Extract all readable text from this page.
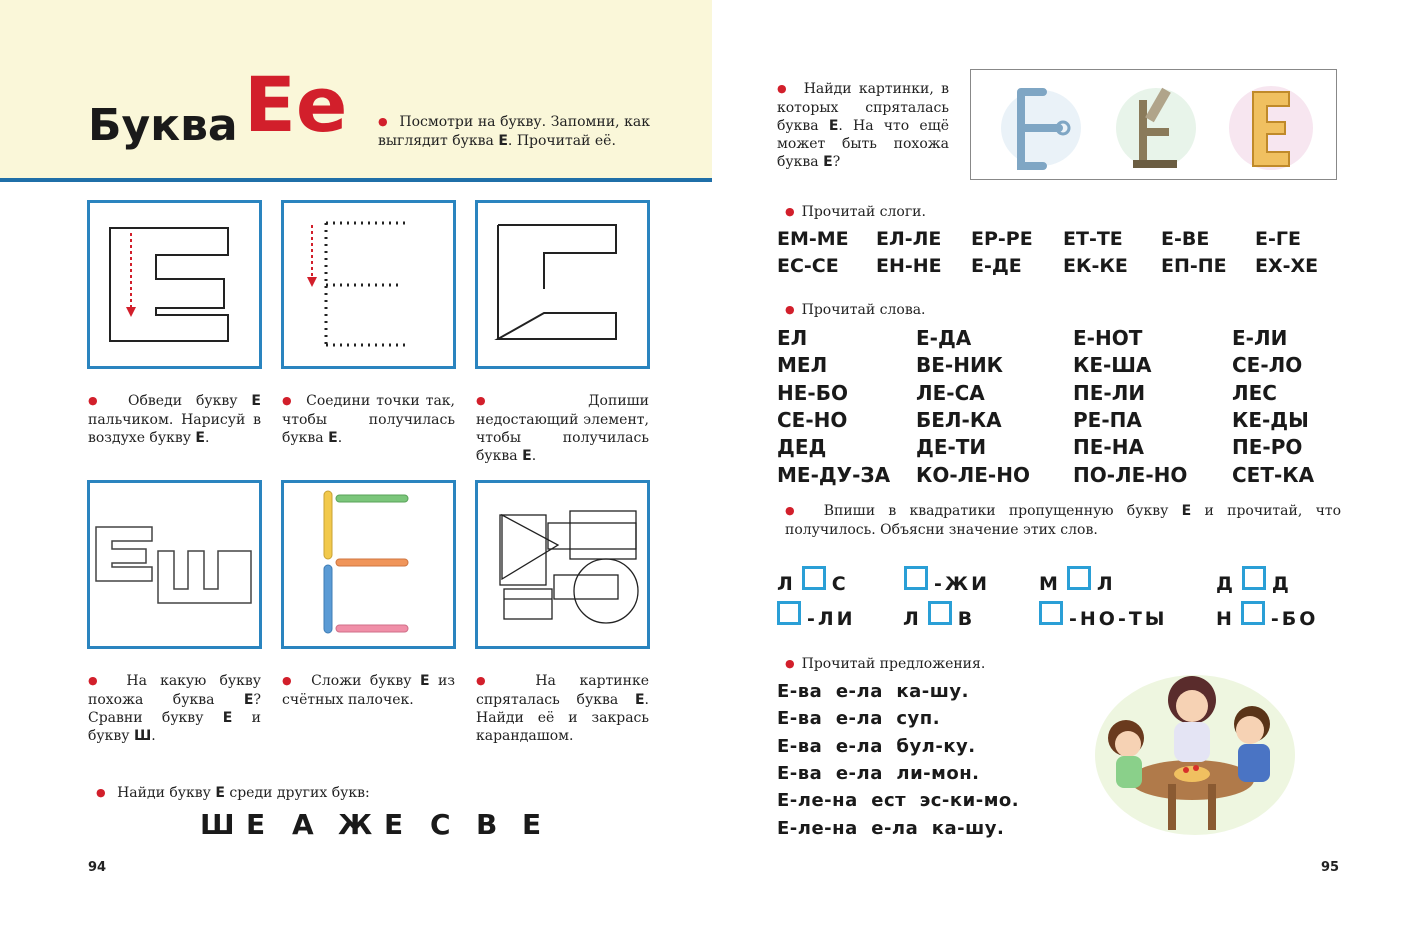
Буква Ее
●	Посмотри на букву. Запомни, как выглядит буква Е. Прочитай её.
● Обведи букву Е пальчиком. Нарисуй в воздухе букву Е.
● Соедини точки так, чтобы получилась буква Е.
● Допиши недостающий элемент, чтобы получилась буква Е.
● На какую букву похожа буква Е? Сравни букву Е и букву Ш.
● Сложи букву Е из счётных палочек.
● На картинке спряталась буква Е. Найди её и закрась карандашом.
● Найди букву Е среди других букв:
Ш Е А Ж Е С В Е
94
● Найди картинки, в которых спряталась буква Е. На что ещё может быть похожа буква Е?
● Прочитай слоги.
ЕМ-МЕ ЕЛ-ЛЕ ЕР-РЕ ЕТ-ТЕ Е-ВЕ Е-ГЕ
ЕС-СЕ ЕН-НЕ Е-ДЕ ЕК-КЕ ЕП-ПЕ ЕХ-ХЕ
● Прочитай слова.
ЕЛ
МЕЛ
НЕ-БО
СЕ-НО
ДЕД
МЕ-ДУ-ЗА
Е-ДА
ВЕ-НИК
ЛЕ-СА
БЕЛ-КА
ДЕ-ТИ
КО-ЛЕ-НО
Е-НОТ
КЕ-ША
ПЕ-ЛИ
РЕ-ПА
ПЕ-НА
ПО-ЛЕ-НО
Е-ЛИ
СЕ-ЛО
ЛЕС
КЕ-ДЫ
ПЕ-РО
СЕТ-КА
● Впиши в квадратики пропущенную букву Е и прочитай, что получилось. Объясни значение этих слов.
Л С	-ЖИ	М Л	Д Д
-ЛИ Л В	-НО-ТЫ	Н -БО
● Прочитай предложения.
Е-ва  е-ла  ка-шу.
Е-ва  е-ла  суп.
Е-ва  е-ла  бул-ку.
Е-ва  е-ла  ли-мон.
Е-ле-на  ест  эс-ки-мо.
Е-ле-на  е-ла  ка-шу.
95
